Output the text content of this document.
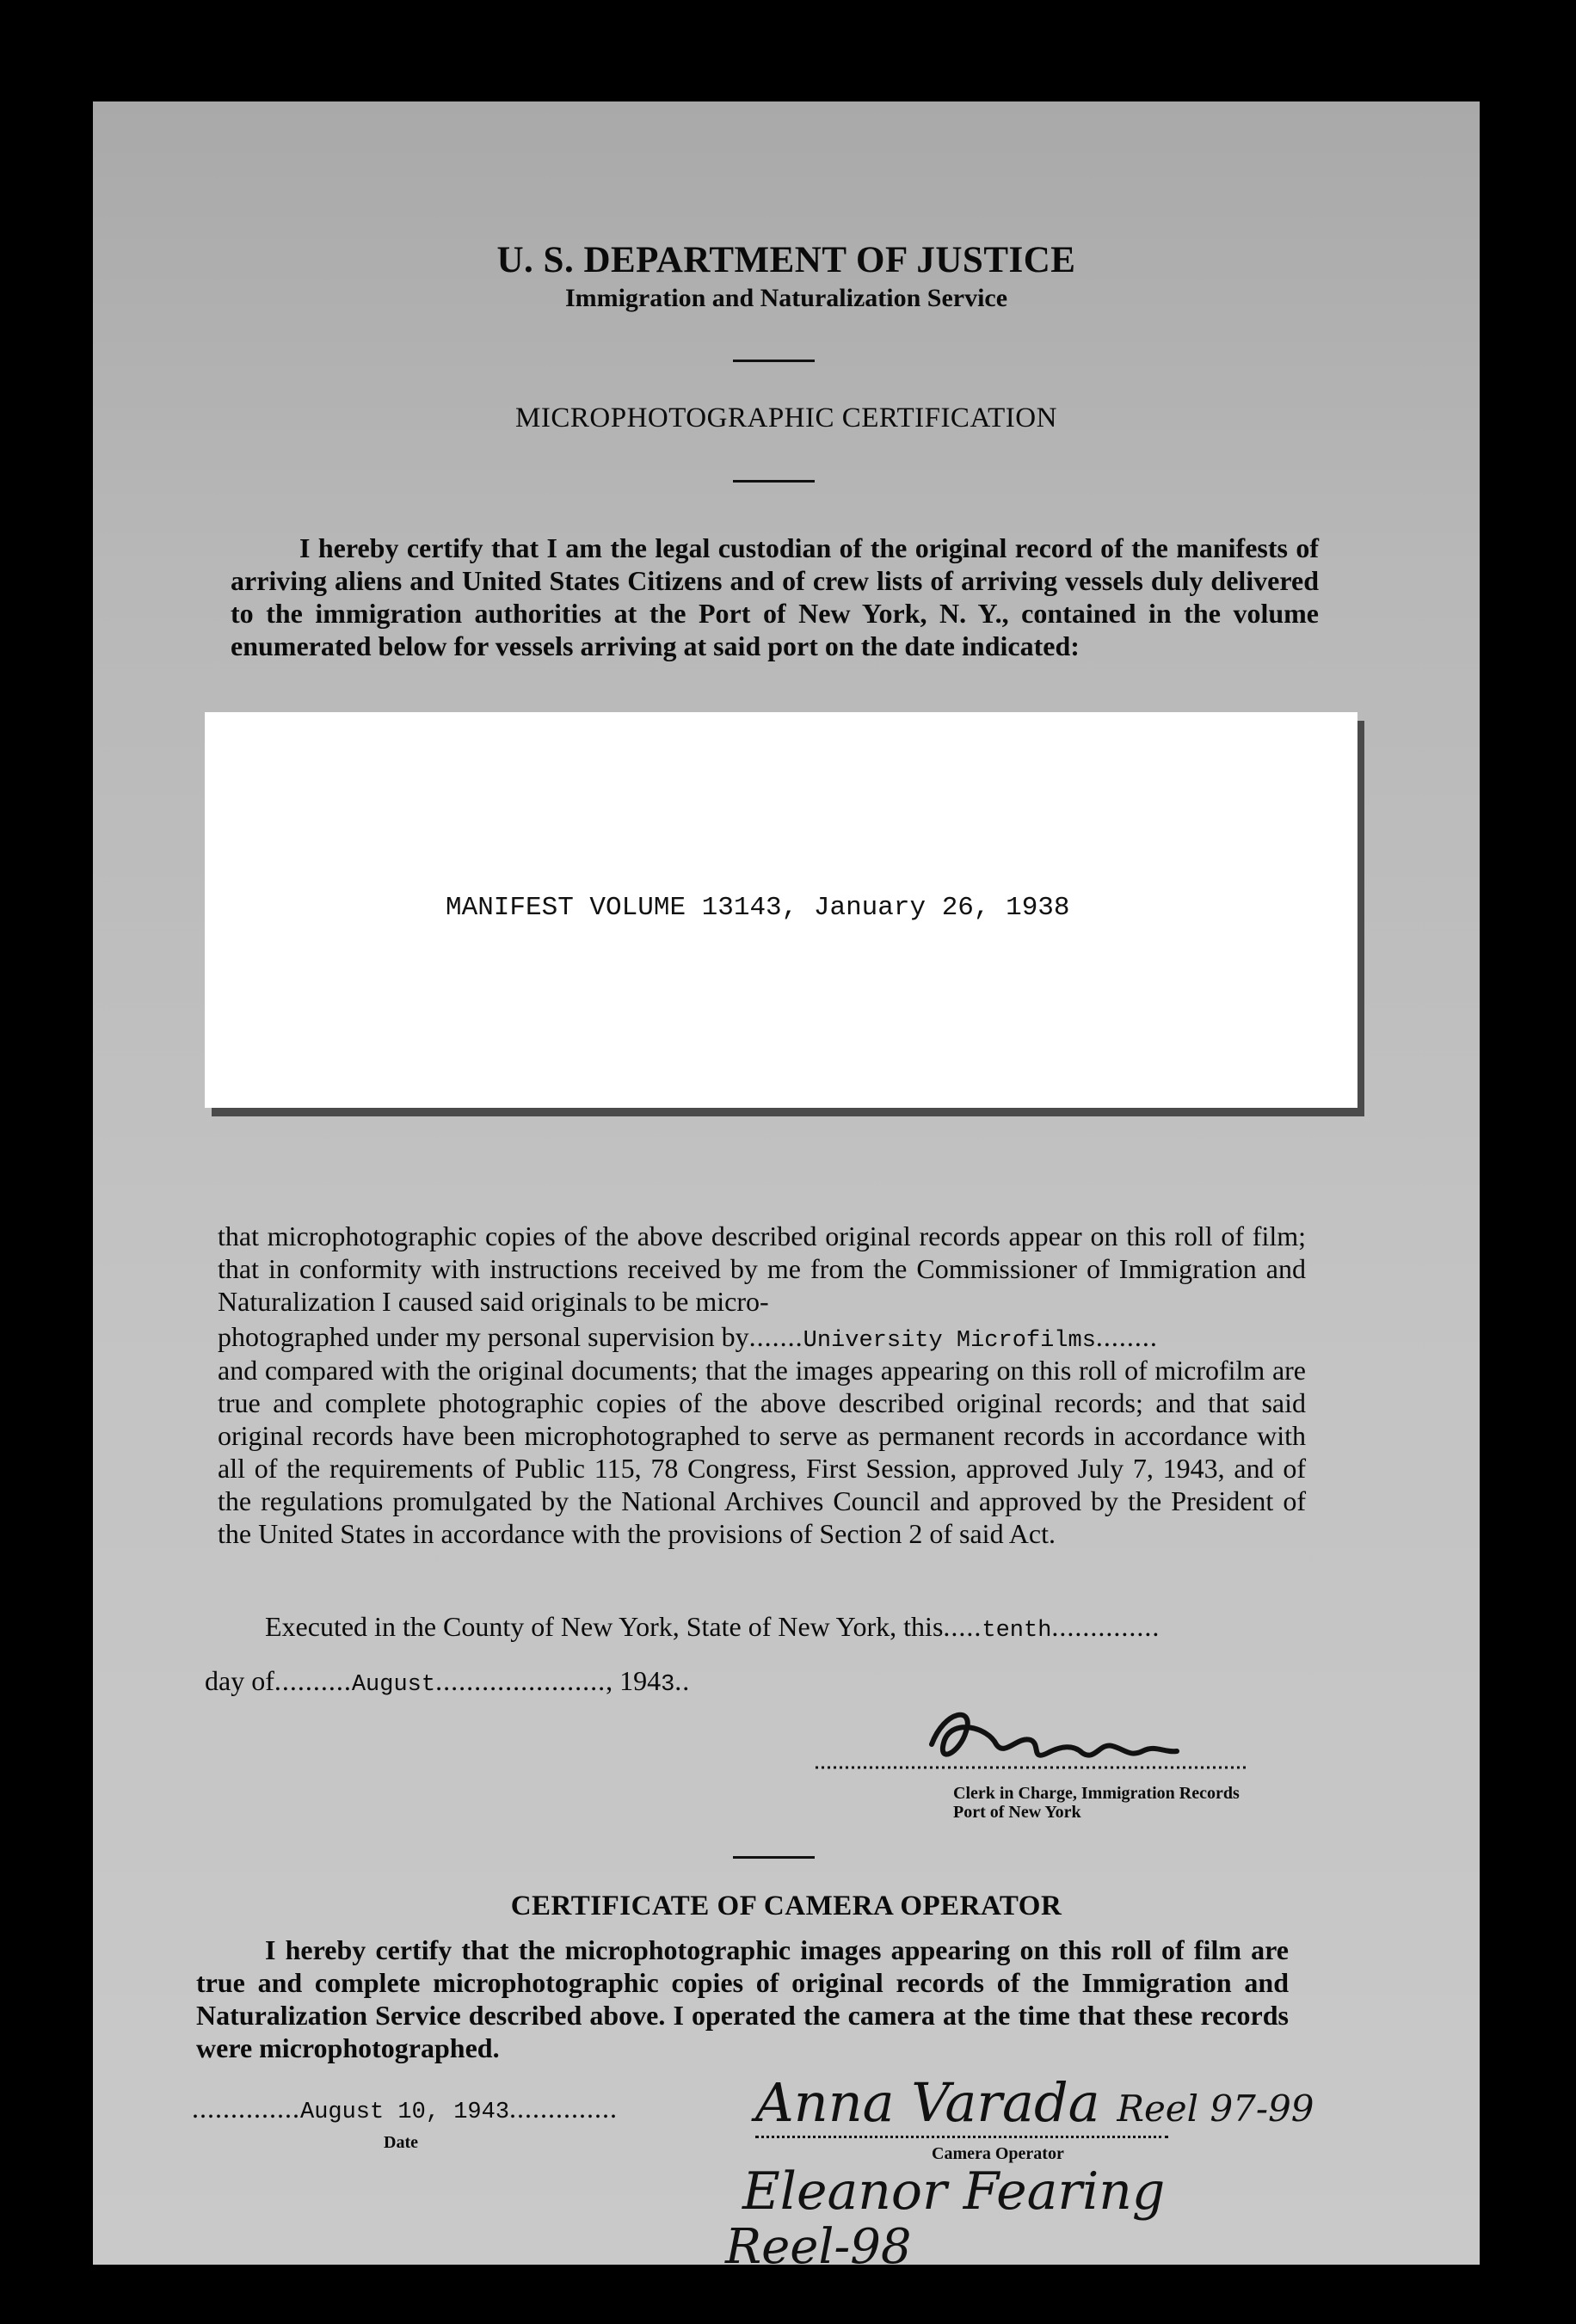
U. S. DEPARTMENT OF JUSTICE
Immigration and Naturalization Service
MICROPHOTOGRAPHIC CERTIFICATION
I hereby certify that I am the legal custodian of the original record of the manifests of arriving aliens and United States Citizens and of crew lists of arriving vessels duly delivered to the immigration authorities at the Port of New York, N. Y., contained in the volume enumerated below for vessels arriving at said port on the date indicated:
MANIFEST VOLUME 13143, January 26, 1938
that microphotographic copies of the above described original records appear on this roll of film; that in conformity with instructions received by me from the Commissioner of Immigration and Naturalization I caused said originals to be micro-
photographed under my personal supervision by.......University Microfilms........
and compared with the original documents; that the images appearing on this roll of microfilm are true and complete photographic copies of the above described original records; and that said original records have been microphotographed to serve as permanent records in accordance with all of the requirements of Public 115, 78 Congress, First Session, approved July 7, 1943, and of the regulations promulgated by the National Archives Council and approved by the President of the United States in accordance with the provisions of Section 2 of said Act.
Executed in the County of New York, State of New York, this.....tenth..............
day of..........August......................, 1943..
Clerk in Charge, Immigration Records
Port of New York
CERTIFICATE OF CAMERA OPERATOR
I hereby certify that the microphotographic images appearing on this roll of film are true and complete microphotographic copies of original records of the Immigration and Naturalization Service described above. I operated the camera at the time that these records were microphotographed.
..............August 10, 1943..............
Date
Anna Varada Reel 97-99
Camera Operator
Eleanor Fearing
Reel-98
